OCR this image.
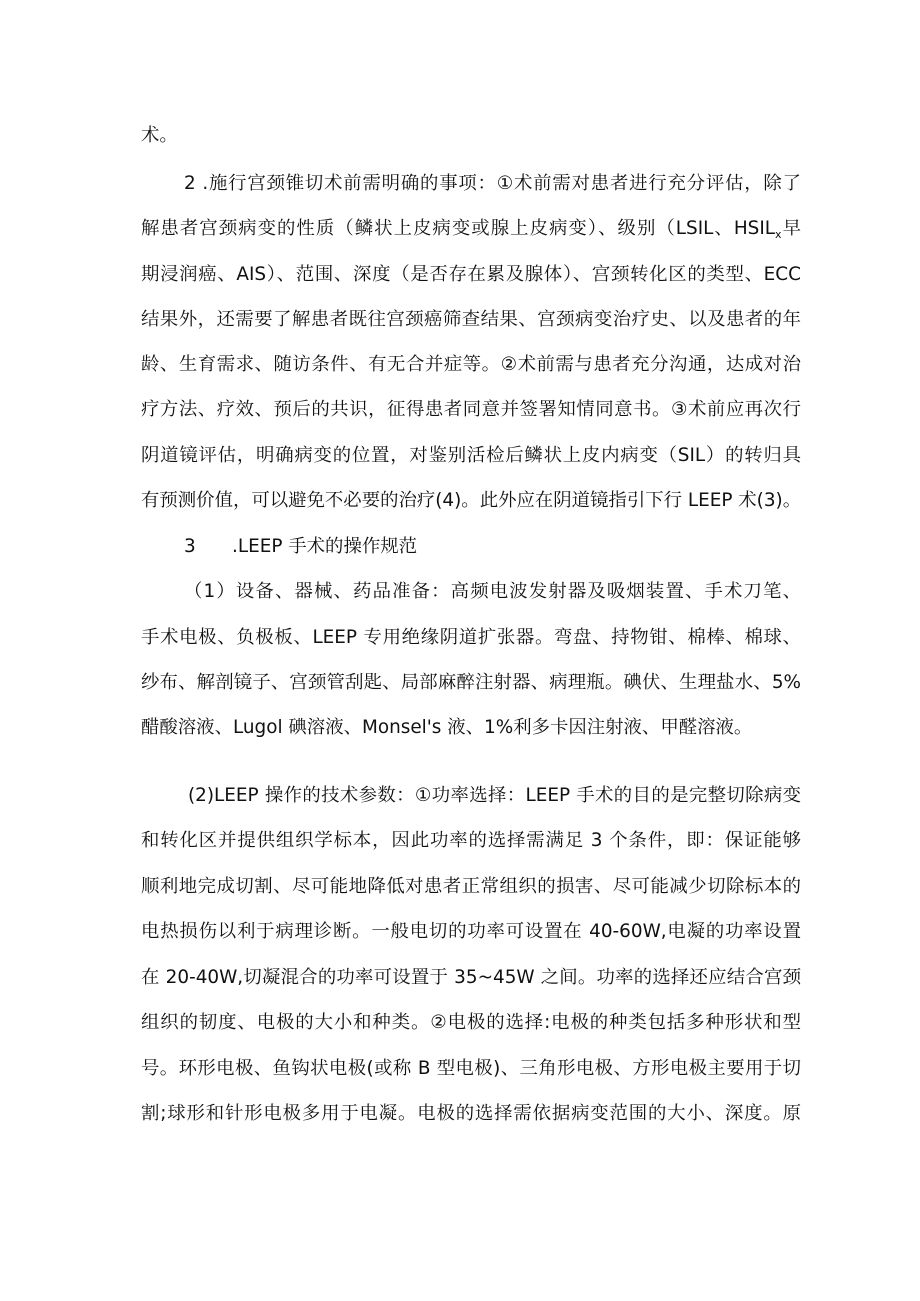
术。
2 .施行宫颈锥切术前需明确的事项：①术前需对患者进行充分评估，除了
解患者宫颈病变的性质（鳞状上皮病变或腺上皮病变）、级别（LSIL、$HSIL_x$早
期浸润癌、AIS）、范围、深度（是否存在累及腺体）、宫颈转化区的类型、ECC
结果外，还需要了解患者既往宫颈癌筛查结果、宫颈病变治疗史、以及患者的年
龄、生育需求、随访条件、有无合并症等。②术前需与患者充分沟通，达成对治
疗方法、疗效、预后的共识，征得患者同意并签署知情同意书。③术前应再次行
阴道镜评估，明确病变的位置，对鉴别活检后鳞状上皮内病变（SIL）的转归具
有预测价值，可以避免不必要的治疗(4)。此外应在阴道镜指引下行 LEEP 术(3)。
3 .LEEP 手术的操作规范
（1）设备、器械、药品准备：高频电波发射器及吸烟装置、手术刀笔、
手术电极、负极板、LEEP 专用绝缘阴道扩张器。弯盘、持物钳、棉棒、棉球、
纱布、解剖镜子、宫颈管刮匙、局部麻醉注射器、病理瓶。碘伏、生理盐水、5%
醋酸溶液、Lugol 碘溶液、Monsel's 液、1%利多卡因注射液、甲醛溶液。
(2)LEEP 操作的技术参数：①功率选择：LEEP 手术的目的是完整切除病变
和转化区并提供组织学标本，因此功率的选择需满足 3 个条件，即：保证能够
顺利地完成切割、尽可能地降低对患者正常组织的损害、尽可能减少切除标本的
电热损伤以利于病理诊断。一般电切的功率可设置在 40-60W,电凝的功率设置
在 20-40W,切凝混合的功率可设置于 35~45W 之间。功率的选择还应结合宫颈
组织的韧度、电极的大小和种类。②电极的选择:电极的种类包括多种形状和型
号。环形电极、鱼钩状电极(或称 B 型电极)、三角形电极、方形电极主要用于切
割;球形和针形电极多用于电凝。电极的选择需依据病变范围的大小、深度。原
